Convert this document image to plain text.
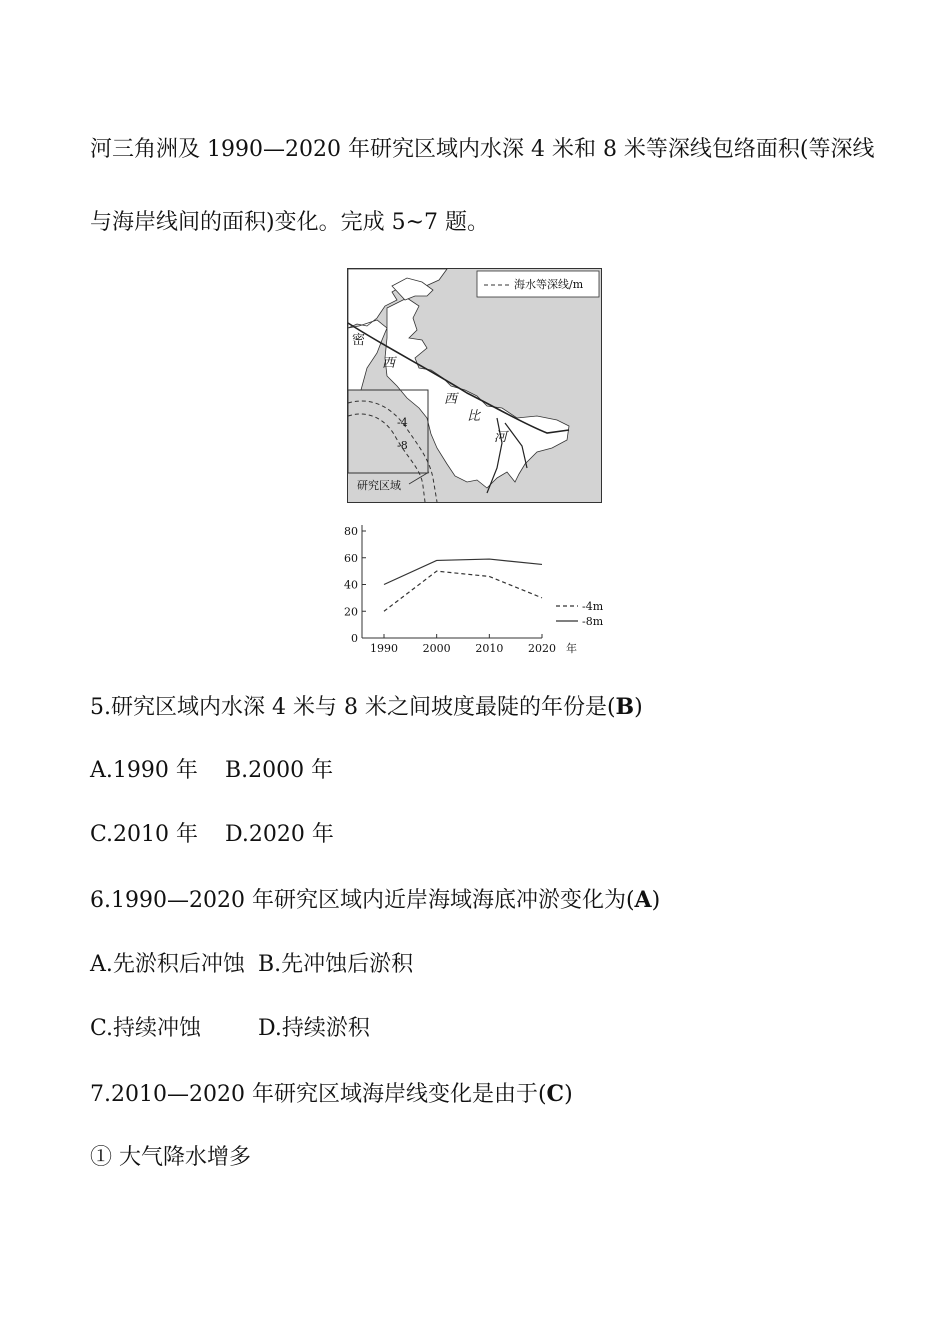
河三角洲及 1990—2020 年研究区域内水深 4 米和 8 米等深线包络面积(等深线
与海岸线间的面积)变化。完成 5~7 题。
海水等深线/m
密
西
西
比
河
-4
-8
研究区域
0
20
40
60
80
1990 2000 2010 2020 年
-4m
-8m
5.研究区域内水深 4 米与 8 米之间坡度最陡的年份是(B)
A.1990 年 B.2000 年
C.2010 年 D.2020 年
6.1990—2020 年研究区域内近岸海域海底冲淤变化为(A)
A.先淤积后冲蚀 B.先冲蚀后淤积
C.持续冲蚀	D.持续淤积
7.2010—2020 年研究区域海岸线变化是由于(C)
① 大气降水增多
